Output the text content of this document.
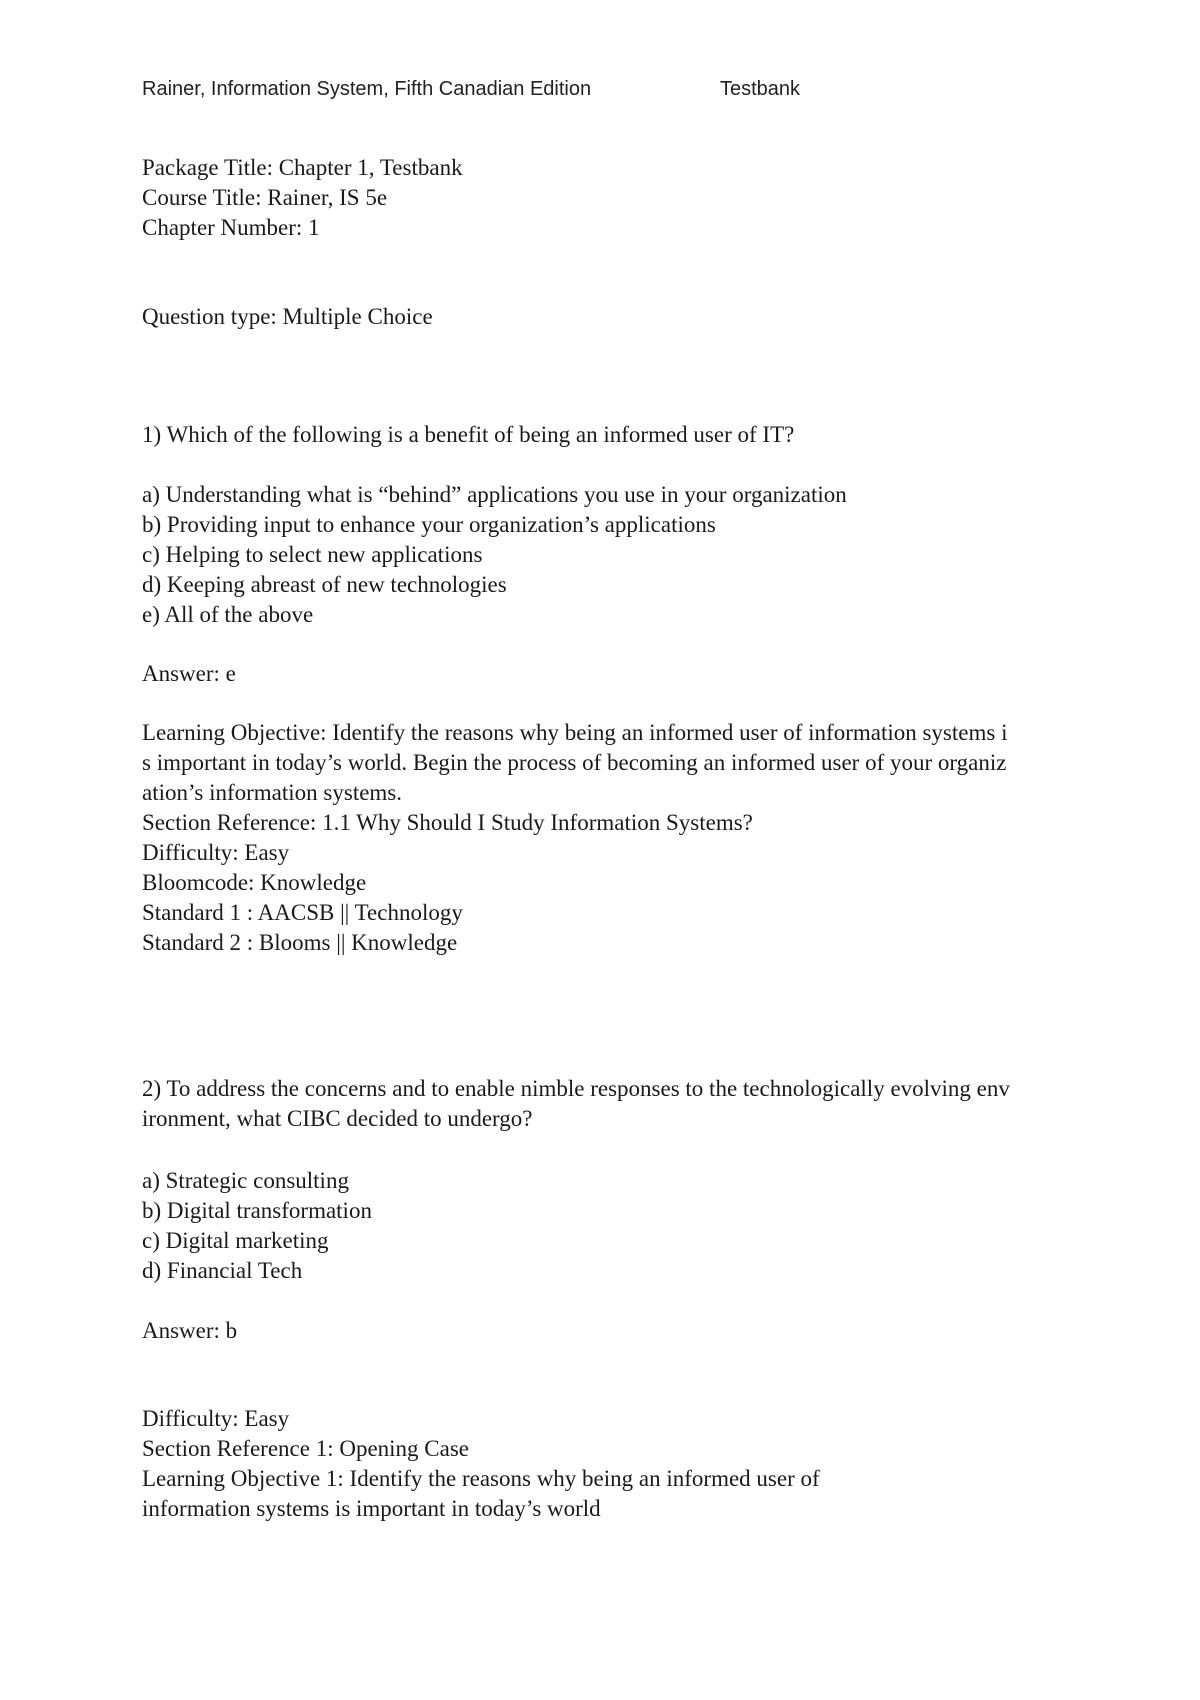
Rainer, Information System, Fifth Canadian Edition	Testbank
Package Title: Chapter 1, Testbank
Course Title: Rainer, IS 5e
Chapter Number: 1
Question type: Multiple Choice
1) Which of the following is a benefit of being an informed user of IT?
a) Understanding what is “behind” applications you use in your organization
b) Providing input to enhance your organization’s applications
c) Helping to select new applications
d) Keeping abreast of new technologies
e) All of the above
Answer: e
Learning Objective: Identify the reasons why being an informed user of information systems i
s important in today’s world. Begin the process of becoming an informed user of your organiz
ation’s information systems.
Section Reference: 1.1 Why Should I Study Information Systems?
Difficulty: Easy
Bloomcode: Knowledge
Standard 1 : AACSB || Technology
Standard 2 : Blooms || Knowledge
2) To address the concerns and to enable nimble responses to the technologically evolving env
ironment, what CIBC decided to undergo?
a) Strategic consulting
b) Digital transformation
c) Digital marketing
d) Financial Tech
Answer: b
Difficulty: Easy
Section Reference 1: Opening Case
Learning Objective 1: Identify the reasons why being an informed user of
information systems is important in today’s world
